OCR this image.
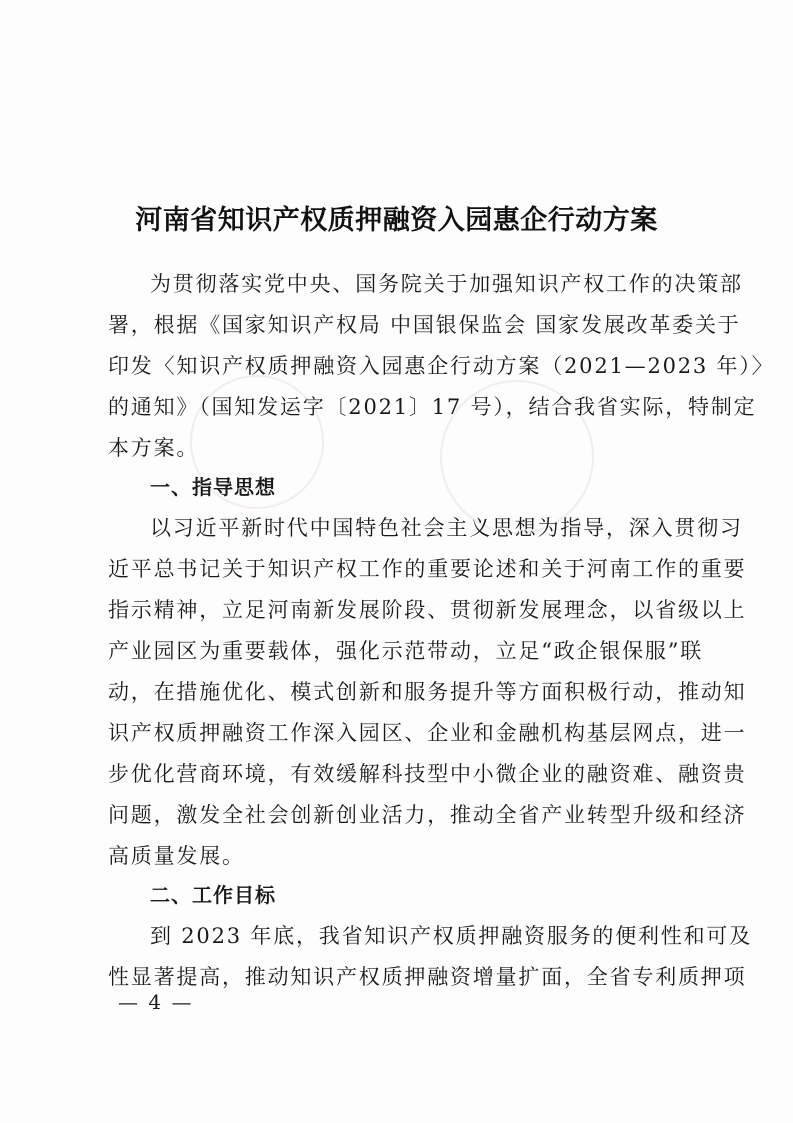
河南省知识产权质押融资入园惠企行动方案

为贯彻落实党中央、国务院关于加强知识产权工作的决策部

署，根据《国家知识产权局 中国银保监会 国家发展改革委关于

印发〈知识产权质押融资入园惠企行动方案（2021—2023 年）〉

的通知》（国知发运字〔2021〕17 号），结合我省实际，特制定

本方案。

一、指导思想

以习近平新时代中国特色社会主义思想为指导，深入贯彻习

近平总书记关于知识产权工作的重要论述和关于河南工作的重要

指示精神，立足河南新发展阶段、贯彻新发展理念，以省级以上

产业园区为重要载体，强化示范带动，立足“政企银保服”联

动，在措施优化、模式创新和服务提升等方面积极行动，推动知

识产权质押融资工作深入园区、企业和金融机构基层网点，进一

步优化营商环境，有效缓解科技型中小微企业的融资难、融资贵

问题，激发全社会创新创业活力，推动全省产业转型升级和经济

高质量发展。

二、工作目标

到 2023 年底，我省知识产权质押融资服务的便利性和可及

性显著提高，推动知识产权质押融资增量扩面，全省专利质押项

— 4 —
